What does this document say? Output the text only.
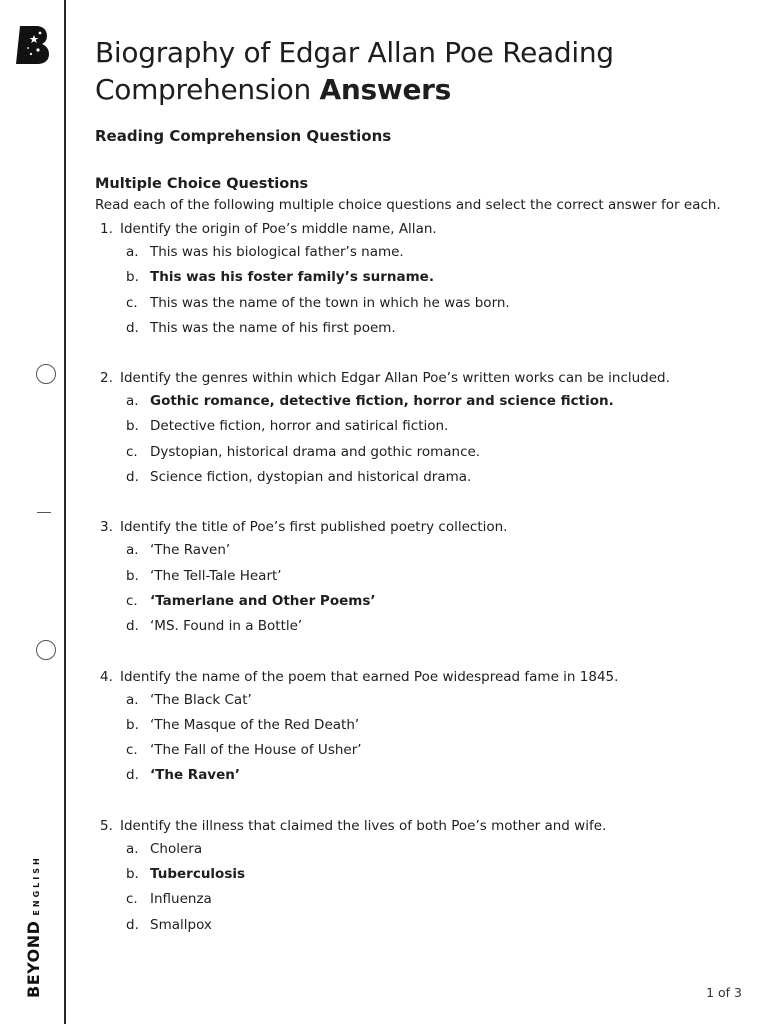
BEYOND
ENGLISH
Biography of Edgar Allan Poe Reading Comprehension Answers
Reading Comprehension Questions
Multiple Choice Questions

Read each of the following multiple choice questions and select the correct answer for each.

1. Identify the origin of Poe’s middle name, Allan.
a. This was his biological father’s name.
b. This was his foster family’s surname.
c. This was the name of the town in which he was born.
d. This was the name of his first poem.
2. Identify the genres within which Edgar Allan Poe’s written works can be included.
a. Gothic romance, detective fiction, horror and science fiction.
b. Detective fiction, horror and satirical fiction.
c. Dystopian, historical drama and gothic romance.
d. Science fiction, dystopian and historical drama.
3. Identify the title of Poe’s first published poetry collection.
a. ‘The Raven’
b. ‘The Tell-Tale Heart’
c. ‘Tamerlane and Other Poems’
d. ‘MS. Found in a Bottle’
4. Identify the name of the poem that earned Poe widespread fame in 1845.
a. ‘The Black Cat’
b. ‘The Masque of the Red Death’
c. ‘The Fall of the House of Usher’
d. ‘The Raven’
5. Identify the illness that claimed the lives of both Poe’s mother and wife.
a. Cholera
b. Tuberculosis
c. Influenza
d. Smallpox
1 of 3
